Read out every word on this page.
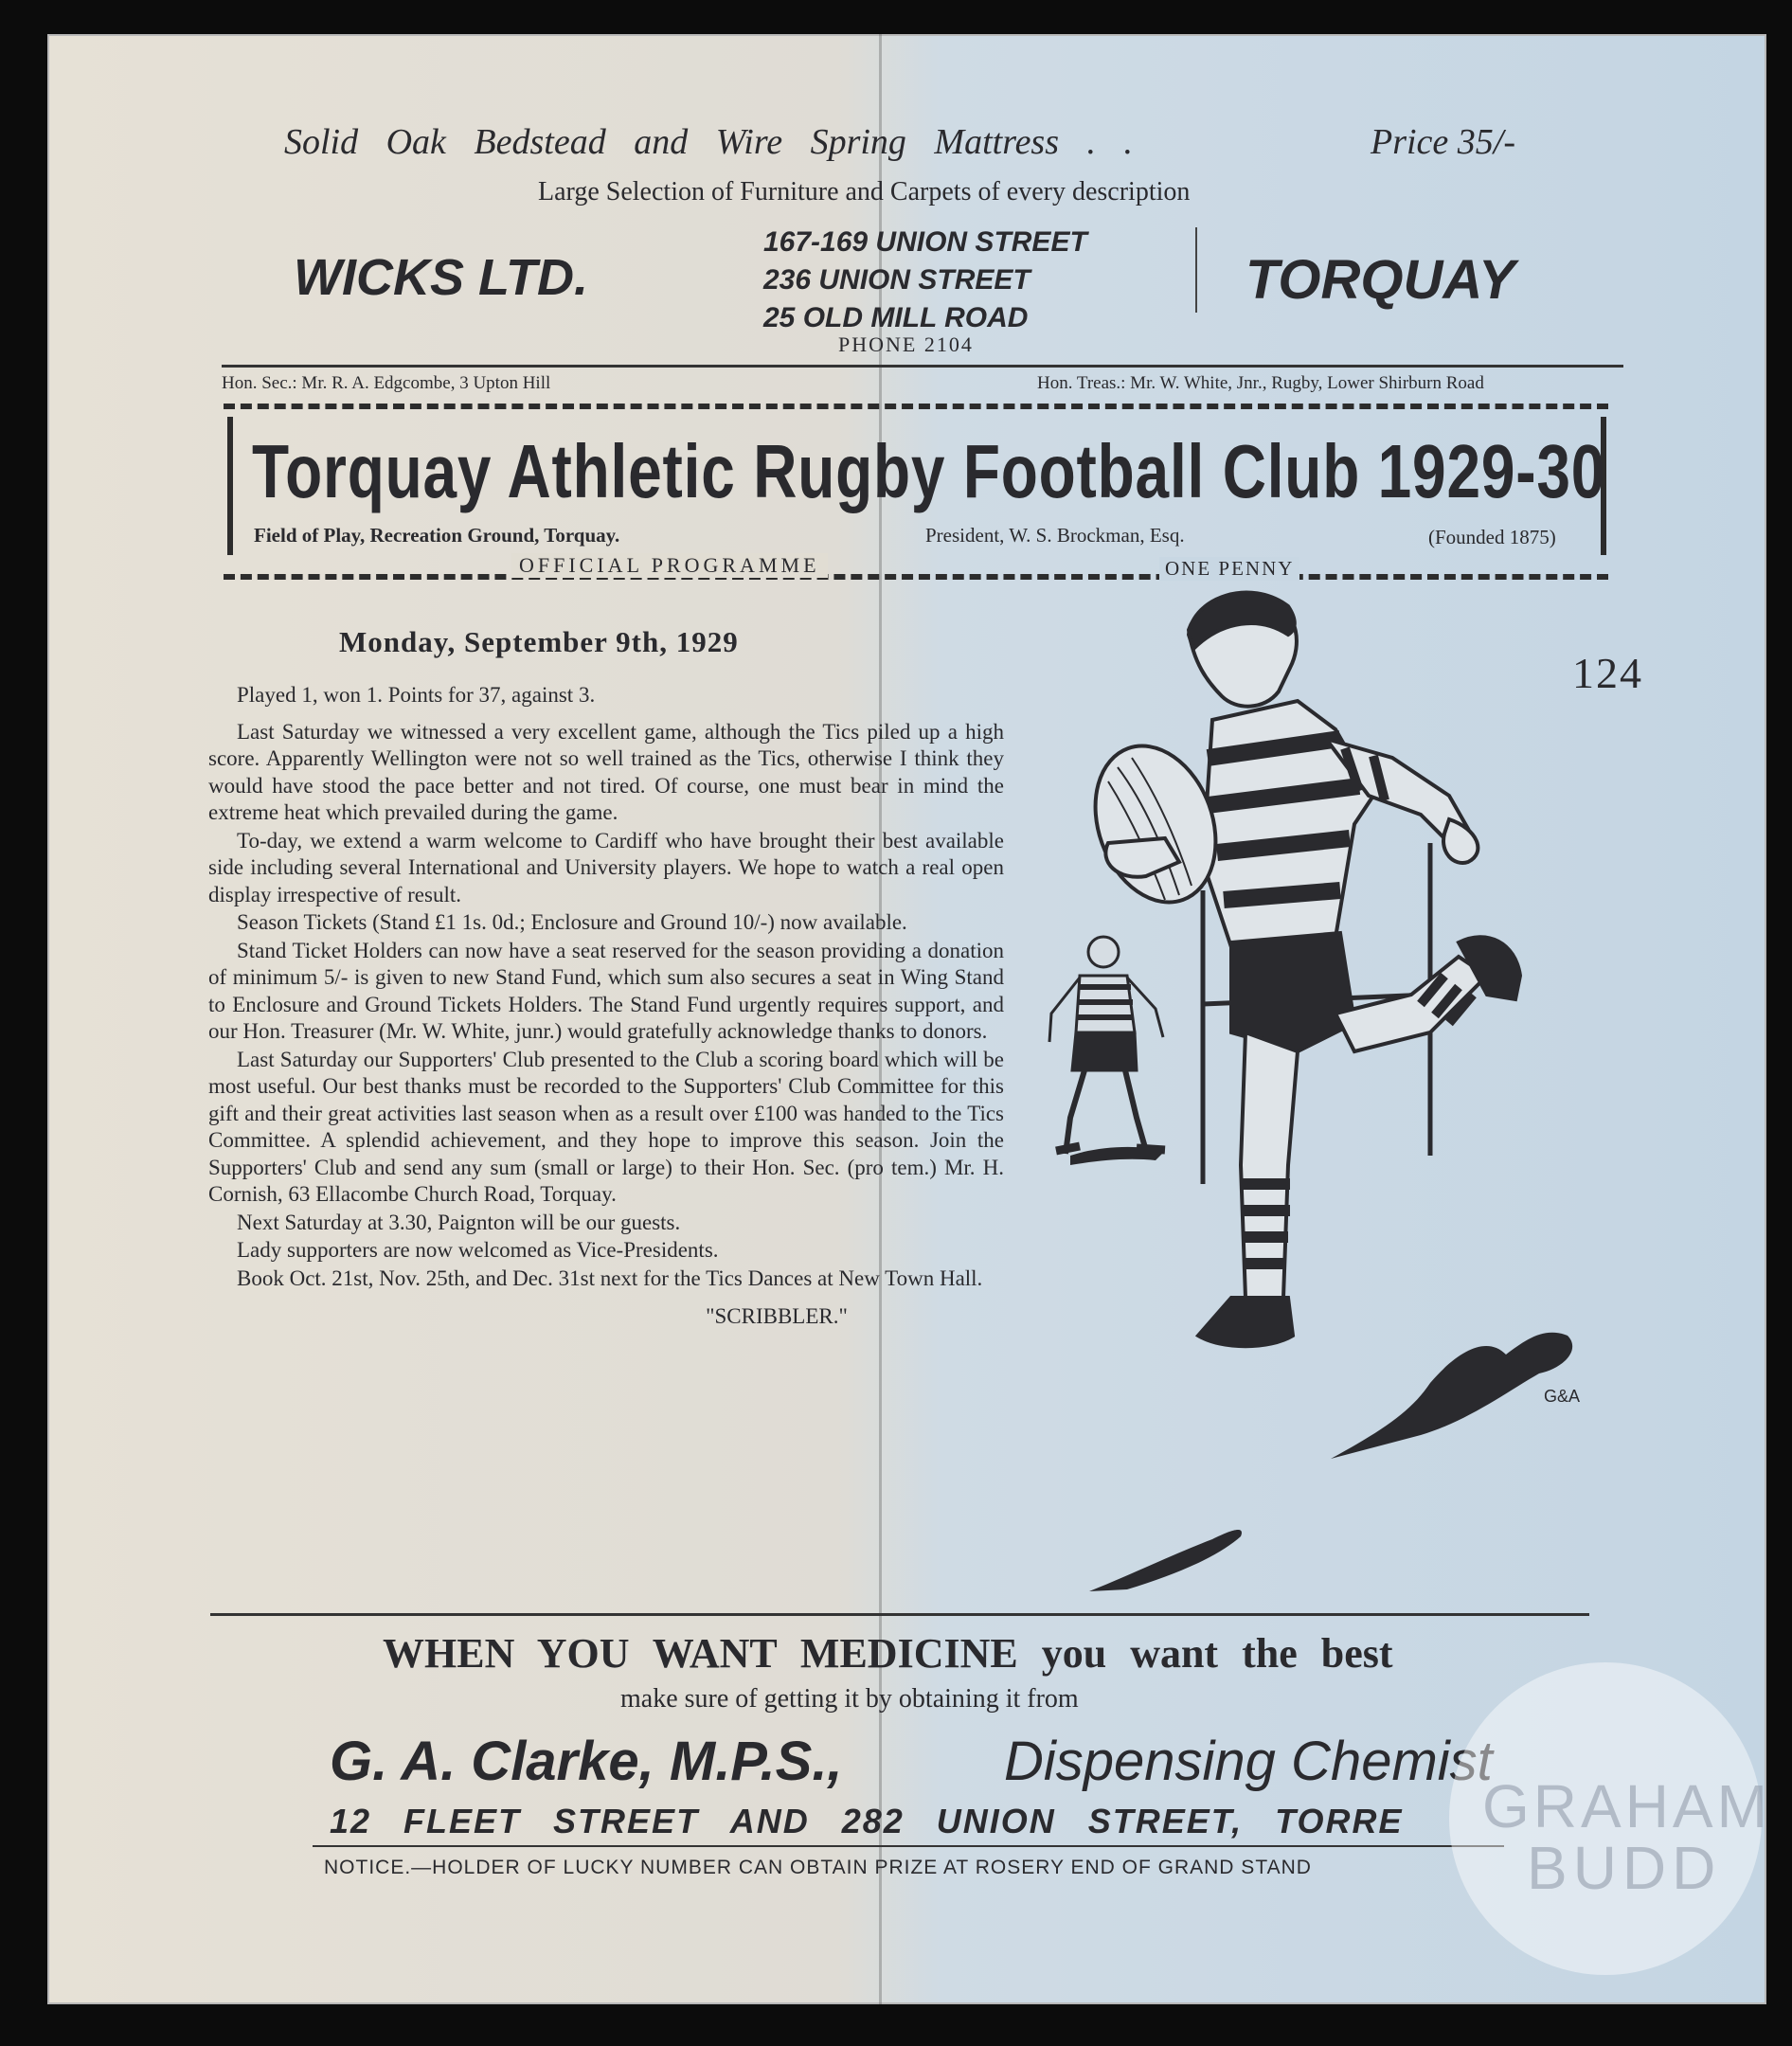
Solid Oak Bedstead and Wire Spring Mattress . .	Price 35/-
Large Selection of Furniture and Carpets of every description
WICKS LTD.
167-169 UNION STREET
236 UNION STREET
25 OLD MILL ROAD
PHONE 2104
TORQUAY
Hon. Sec.: Mr. R. A. Edgcombe, 3 Upton Hill	Hon. Treas.: Mr. W. White, Jnr., Rugby, Lower Shirburn Road
Torquay Athletic Rugby Football Club 1929-30
Field of Play, Recreation Ground, Torquay.	President, W. S. Brockman, Esq.	(Founded 1875)
OFFICIAL PROGRAMME	ONE PENNY
Monday, September 9th, 1929
124

Played 1, won 1. Points for 37, against 3.

Last Saturday we witnessed a very excellent game, although the Tics piled up a high score. Apparently Wellington were not so well trained as the Tics, otherwise I think they would have stood the pace better and not tired. Of course, one must bear in mind the extreme heat which prevailed during the game.

To-day, we extend a warm welcome to Cardiff who have brought their best available side including several International and University players. We hope to watch a real open display irrespective of result.

Season Tickets (Stand £1 1s. 0d.; Enclosure and Ground 10/-) now available.

Stand Ticket Holders can now have a seat reserved for the season providing a donation of minimum 5/- is given to new Stand Fund, which sum also secures a seat in Wing Stand to Enclosure and Ground Tickets Holders. The Stand Fund urgently requires support, and our Hon. Treasurer (Mr. W. White, junr.) would gratefully acknowledge thanks to donors.

Last Saturday our Supporters' Club presented to the Club a scoring board which will be most useful. Our best thanks must be recorded to the Supporters' Club Committee for this gift and their great activities last season when as a result over £100 was handed to the Tics Committee. A splendid achievement, and they hope to improve this season. Join the Supporters' Club and send any sum (small or large) to their Hon. Sec. (pro tem.) Mr. H. Cornish, 63 Ellacombe Church Road, Torquay.

Next Saturday at 3.30, Paignton will be our guests.

Lady supporters are now welcomed as Vice-Presidents.

Book Oct. 21st, Nov. 25th, and Dec. 31st next for the Tics Dances at New Town Hall.

"SCRIBBLER."

G&A
WHEN YOU WANT MEDICINE you want the best
make sure of getting it by obtaining it from
G. A. Clarke, M.P.S.,	Dispensing Chemist
12 FLEET STREET AND 282 UNION STREET, TORRE
NOTICE.—HOLDER OF LUCKY NUMBER CAN OBTAIN PRIZE AT ROSERY END OF GRAND STAND
GRAHAM
BUDD
